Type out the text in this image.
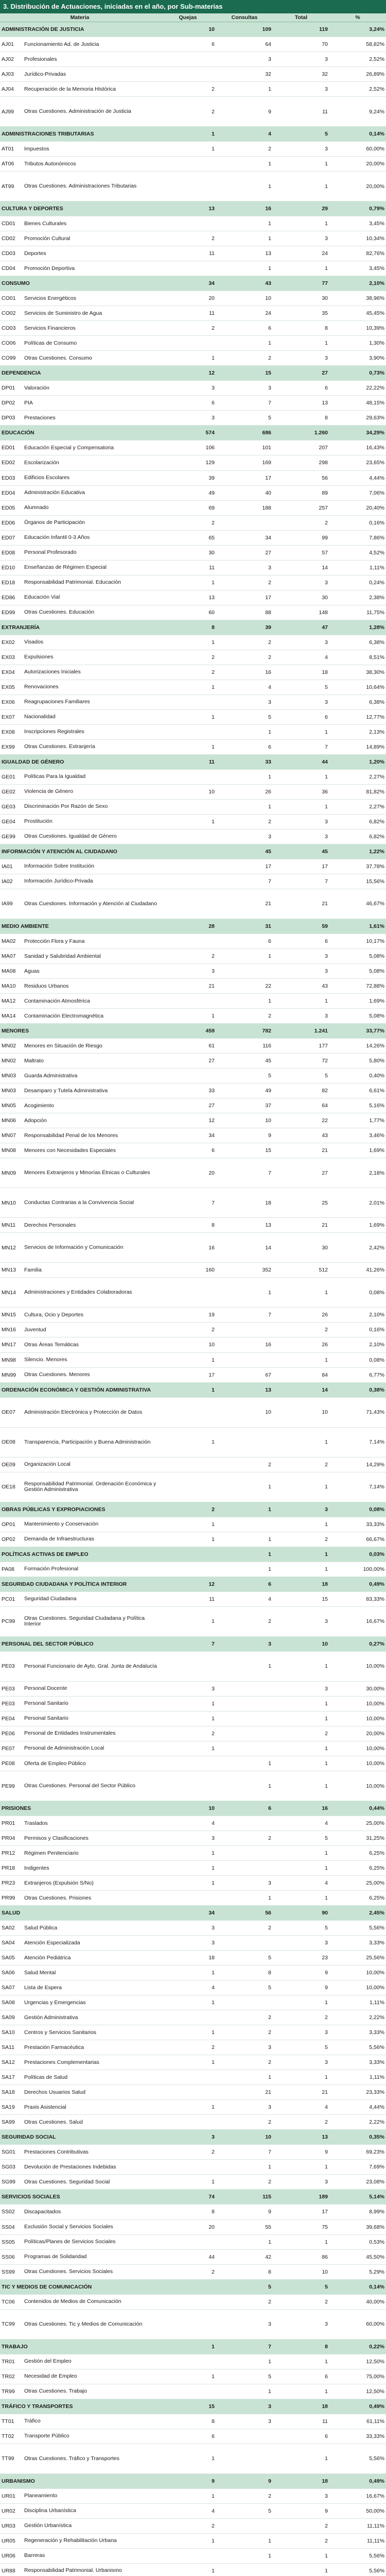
3. Distribución de Actuaciones, iniciadas en el año, por Sub-materias
Materia		Quejas	Consultas	Total	%
ADMINISTRACIÓN DE JUSTICIA		10	109	119	3,24%
AJ01	Funcionamiento Ad. de Justicia	6	64	70	58,82%
AJ02	Profesionales		3	3	2,52%
AJ03	Jurídico-Privadas		32	32	26,89%
AJ04	Recuperación de la Memoria Histórica	2	1	3	2,52%
AJ99	Otras Cuestiones. Administración de Justicia	2	9	11	9,24%
ADMINISTRACIONES TRIBUTARIAS		1	4	5	0,14%
AT01	Impuestos	1	2	3	60,00%
AT06	Tributos Autonómicos		1	1	20,00%
AT99	Otras Cuestiones. Administraciones Tributarias		1	1	20,00%
CULTURA Y DEPORTES		13	16	29	0,79%
CD01	Bienes Culturales		1	1	3,45%
CD02	Promoción Cultural	2	1	3	10,34%
CD03	Deportes	11	13	24	82,76%
CD04	Promoción Deportiva		1	1	3,45%
CONSUMO		34	43	77	2,10%
CO01	Servicios Energéticos	20	10	30	38,96%
CO02	Servicios de Suministro de Agua	11	24	35	45,45%
CO03	Servicios Financieros	2	6	8	10,39%
CO06	Políticas de Consumo		1	1	1,30%
CO99	Otras Cuestiones. Consumo	1	2	3	3,90%
DEPENDENCIA		12	15	27	0,73%
DP01	Valoración	3	3	6	22,22%
DP02	PIA	6	7	13	48,15%
DP03	Prestaciones	3	5	8	29,63%
EDUCACIÓN		574	686	1.260	34,29%
ED01	Educación Especial y Compensatoria	106	101	207	16,43%
ED02	Escolarización	129	169	298	23,65%
ED03	Edificios Escolares	39	17	56	4,44%
ED04	Administración Educativa	49	40	89	7,06%
ED05	Alumnado	69	188	257	20,40%
ED06	Órganos de Participación	2		2	0,16%
ED07	Educación Infantil 0-3 Años	65	34	99	7,86%
ED08	Personal Profesorado	30	27	57	4,52%
ED10	Enseñanzas de Régimen Especial	11	3	14	1,11%
ED18	Responsabilidad Patrimonial. Educación	1	2	3	0,24%
ED86	Educación Vial	13	17	30	2,38%
ED99	Otras Cuestiones. Educación	60	88	148	11,75%
EXTRANJERÍA		8	39	47	1,28%
EX02	Visados	1	2	3	6,38%
EX03	Expulsiones	2	2	4	8,51%
EX04	Autorizaciones Iniciales	2	16	18	38,30%
EX05	Renovaciones	1	4	5	10,64%
EX06	Reagrupaciones Familiares		3	3	6,38%
EX07	Nacionalidad	1	5	6	12,77%
EX08	Inscripciones Registrales		1	1	2,13%
EX99	Otras Cuestiones. Extranjería	1	6	7	14,89%
IGUALDAD DE GÉNERO		11	33	44	1,20%
GE01	Políticas Para la Igualdad		1	1	2,27%
GE02	Violencia de Género	10	26	36	81,82%
GE03	Discriminación Por Razón de Sexo		1	1	2,27%
GE04	Prostitución	1	2	3	6,82%
GE99	Otras Cuestiones. Igualdad de Género		3	3	6,82%
INFORMACIÓN Y ATENCIÓN AL CIUDADANO			45	45	1,22%
IA01	Información Sobre Institución		17	17	37,78%
IA02	Información Jurídico-Privada		7	7	15,56%
IA99	Otras Cuestiones. Información y Atención al Ciudadano		21	21	46,67%
MEDIO AMBIENTE		28	31	59	1,61%
MA02	Protección Flora y Fauna		6	6	10,17%
MA07	Sanidad y Salubridad Ambiental	2	1	3	5,08%
MA08	Aguas	3		3	5,08%
MA10	Residuos Urbanos	21	22	43	72,88%
MA12	Contaminación Atmosférica		1	1	1,69%
MA14	Contaminación Electromagnética	1	2	3	5,08%
MENORES		459	782	1.241	33,77%
MN02	Menores en Situación de Riesgo	61	116	177	14,26%
MN02	Maltrato	27	45	72	5,80%
MN03	Guarda Administrativa		5	5	0,40%
MN03	Desamparo y Tutela Administrativa	33	49	82	6,61%
MN05	Acogimiento	27	37	64	5,16%
MN06	Adopción	12	10	22	1,77%
MN07	Responsabilidad Penal de los Menores	34	9	43	3,46%
MN08	Menores con Necesidades Especiales	6	15	21	1,69%
MN09	Menores Extranjeros y Minorías Étnicas o Culturales	20	7	27	2,18%
MN10	Conductas Contrarias a la Convivencia Social	7	18	25	2,01%
MN11	Derechos Personales	8	13	21	1,69%
MN12	Servicios de Información y Comunicación	16	14	30	2,42%
MN13	Familia	160	352	512	41,26%
MN14	Administraciones y Entidades Colaboradoras		1	1	0,08%
MN15	Cultura, Ocio y Deportes	19	7	26	2,10%
MN16	Juventud	2		2	0,16%
MN17	Otras Áreas Temáticas	10	16	26	2,10%
MN98	Silencio. Menores	1		1	0,08%
MN99	Otras Cuestiones. Menores	17	67	84	6,77%
ORDENACIÓN ECONÓMICA Y GESTIÓN ADMINISTRATIVA		1	13	14	0,38%
OE07	Administración Electrónica y Protección de Datos		10	10	71,43%
OE08	Transparencia, Participación y Buena Administración	1		1	7,14%
OE09	Organización Local		2	2	14,29%
OE18	Responsabilidad Patrimonial. Ordenación Económica y Gestión Administrativa		1	1	7,14%
OBRAS PÚBLICAS Y EXPROPIACIONES		2	1	3	0,08%
OP01	Mantenimiento y Conservación	1		1	33,33%
OP02	Demanda de Infraestructuras	1	1	2	66,67%
POLÍTICAS ACTIVAS DE EMPLEO			1	1	0,03%
PA08	Formación Profesional		1	1	100,00%
SEGURIDAD CIUDADANA Y POLÍTICA INTERIOR		12	6	18	0,49%
PC01	Seguridad Ciudadana	11	4	15	83,33%
PC99	Otras Cuestiones. Seguridad Ciudadana y Política Interior	1	2	3	16,67%
PERSONAL DEL SECTOR PÚBLICO		7	3	10	0,27%
PE03	Personal Funcionario de Ayto. Gral. Junta de Andalucía		1	1	10,00%
PE03	Personal Docente	3		3	30,00%
PE03	Personal Sanitario	1		1	10,00%
PE04	Personal Sanitario	1		1	10,00%
PE06	Personal de Entidades Instrumentales	2		2	20,00%
PE07	Personal de Administración Local	1		1	10,00%
PE08	Oferta de Empleo Público		1	1	10,00%
PE99	Otras Cuestiones. Personal del Sector Público		1	1	10,00%
PRISIONES		10	6	16	0,44%
PR01	Traslados	4		4	25,00%
PR04	Permisos y Clasificaciones	3	2	5	31,25%
PR12	Régimen Penitenciario	1		1	6,25%
PR18	Indigentes	1		1	6,25%
PR23	Extranjeros (Expulsión S/No)	1	3	4	25,00%
PR99	Otras Cuestiones. Prisiones		1	1	6,25%
SALUD		34	56	90	2,45%
SA02	Salud Pública	3	2	5	5,56%
SA04	Atención Especializada	3		3	3,33%
SA05	Atención Pediátrica	18	5	23	25,56%
SA06	Salud Mental	1	8	9	10,00%
SA07	Lista de Espera	4	5	9	10,00%
SA08	Urgencias y Emergencias	1		1	1,11%
SA09	Gestión Administrativa		2	2	2,22%
SA10	Centros y Servicios Sanitarios	1	2	3	3,33%
SA11	Prestación Farmacéutica	2	3	5	5,56%
SA12	Prestaciones Complementarias	1	2	3	3,33%
SA17	Políticas de Salud		1	1	1,11%
SA18	Derechos Usuarios Salud		21	21	23,33%
SA19	Praxis Asistencial	1	3	4	4,44%
SA99	Otras Cuestiones. Salud		2	2	2,22%
SEGURIDAD SOCIAL		3	10	13	0,35%
SG01	Prestaciones Contributivas	2	7	9	69,23%
SG03	Devolución de Prestaciones Indebidas		1	1	7,69%
SG99	Otras Cuestiones. Seguridad Social	1	2	3	23,08%
SERVICIOS SOCIALES		74	115	189	5,14%
SS02	Discapacitados	8	9	17	8,99%
SS04	Exclusión Social y Servicios Sociales	20	55	75	39,68%
SS05	Políticas/Planes de Servicios Sociales		1	1	0,53%
SS06	Programas de Solidaridad	44	42	86	45,50%
SS99	Otras Cuestiones. Servicios Sociales	2	8	10	5,29%
TIC Y MEDIOS DE COMUNICACIÓN			5	5	0,14%
TC06	Contenidos de Medios de Comunicación		2	2	40,00%
TC99	Otras Cuestiones. Tic y Medios de Comunicación		3	3	60,00%
TRABAJO		1	7	8	0,22%
TR01	Gestión del Empleo		1	1	12,50%
TR02	Necesidad de Empleo	1	5	6	75,00%
TR99	Otras Cuestiones. Trabajo		1	1	12,50%
TRÁFICO Y TRANSPORTES		15	3	18	0,49%
TT01	Tráfico	8	3	11	61,11%
TT02	Transporte Público	6		6	33,33%
TT99	Otras Cuestiones. Tráfico y Transportes	1		1	5,56%
URBANISMO		9	9	18	0,49%
UR01	Planeamiento	1	2	3	16,67%
UR02	Disciplina Urbanística	4	5	9	50,00%
UR03	Gestión Urbanística	2		2	11,11%
UR05	Regeneración y Rehabilitación Urbana	1	1	2	11,11%
UR06	Barreras		1	1	5,56%
UR88	Responsabilidad Patrimonial. Urbanismo	1		1	5,56%
